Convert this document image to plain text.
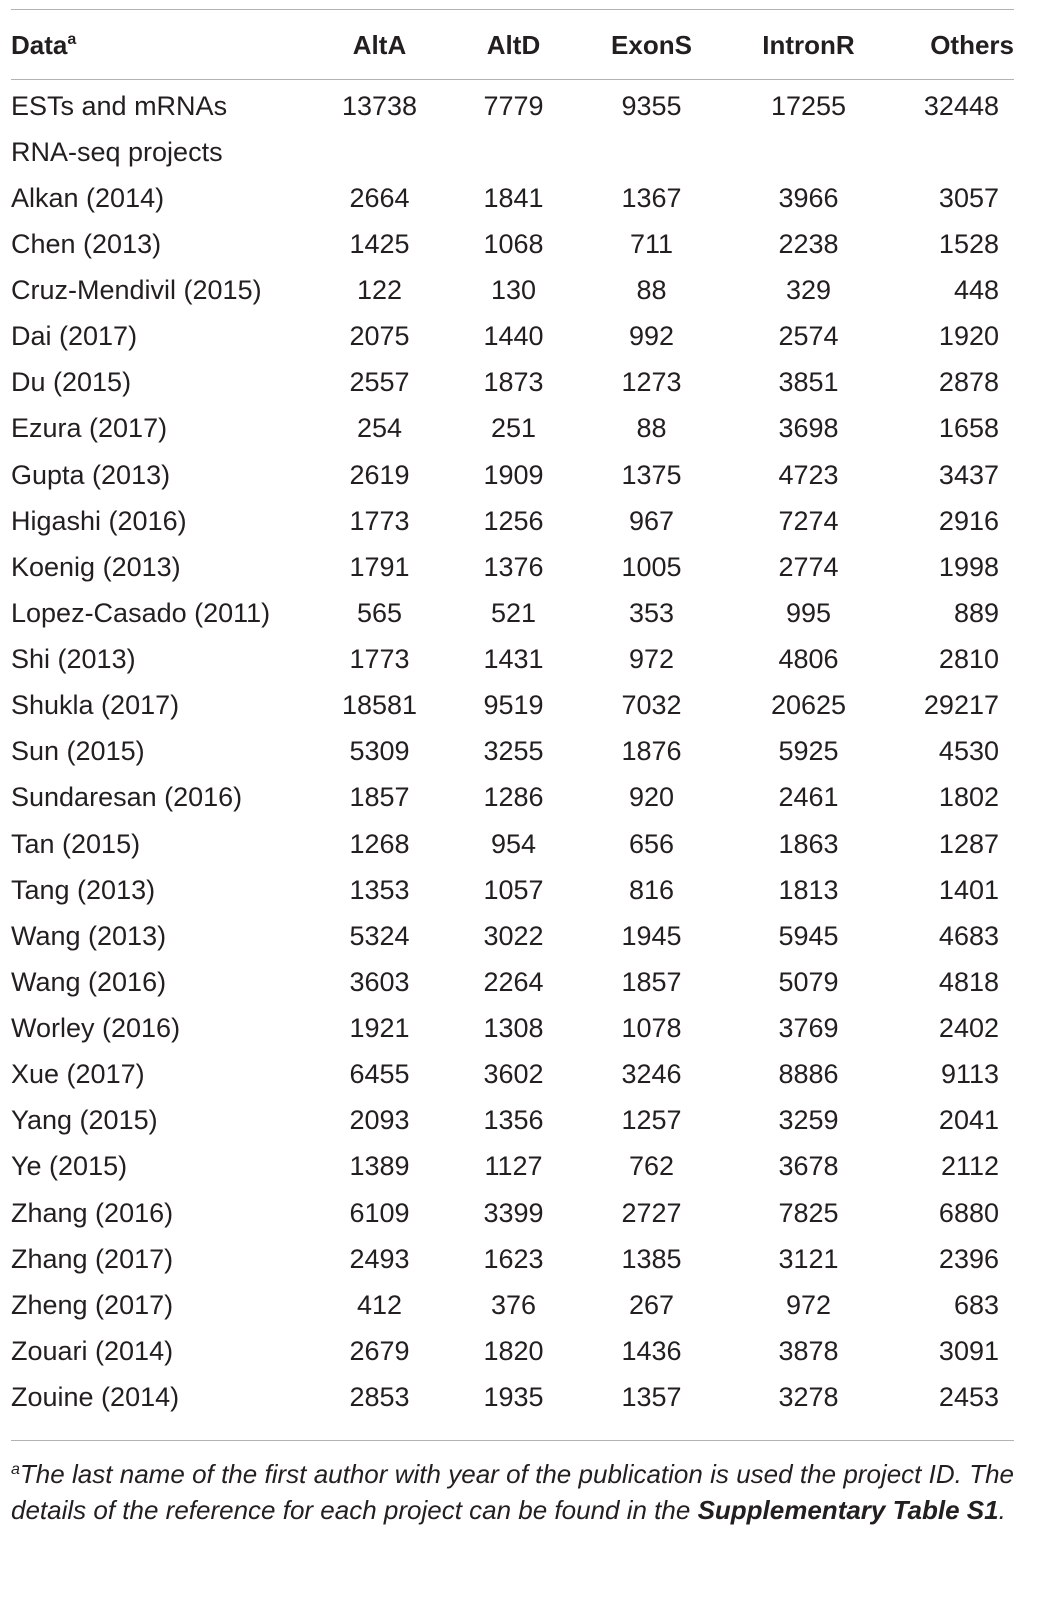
Data$^a$	AltA	AltD	ExonS	IntronR	Others
ESTs and mRNAs	13738	7779	9355	17255	32448
RNA-seq projects					
Alkan (2014)	2664	1841	1367	3966	3057
Chen (2013)	1425	1068	711	2238	1528
Cruz-Mendivil (2015)	122	130	88	329	448
Dai (2017)	2075	1440	992	2574	1920
Du (2015)	2557	1873	1273	3851	2878
Ezura (2017)	254	251	88	3698	1658
Gupta (2013)	2619	1909	1375	4723	3437
Higashi (2016)	1773	1256	967	7274	2916
Koenig (2013)	1791	1376	1005	2774	1998
Lopez-Casado (2011)	565	521	353	995	889
Shi (2013)	1773	1431	972	4806	2810
Shukla (2017)	18581	9519	7032	20625	29217
Sun (2015)	5309	3255	1876	5925	4530
Sundaresan (2016)	1857	1286	920	2461	1802
Tan (2015)	1268	954	656	1863	1287
Tang (2013)	1353	1057	816	1813	1401
Wang (2013)	5324	3022	1945	5945	4683
Wang (2016)	3603	2264	1857	5079	4818
Worley (2016)	1921	1308	1078	3769	2402
Xue (2017)	6455	3602	3246	8886	9113
Yang (2015)	2093	1356	1257	3259	2041
Ye (2015)	1389	1127	762	3678	2112
Zhang (2016)	6109	3399	2727	7825	6880
Zhang (2017)	2493	1623	1385	3121	2396
Zheng (2017)	412	376	267	972	683
Zouari (2014)	2679	1820	1436	3878	3091
Zouine (2014)	2853	1935	1357	3278	2453
$^a$The last name of the first author with year of the publication is used the project ID. The details of the reference for each project can be found in the Supplementary Table S1.
